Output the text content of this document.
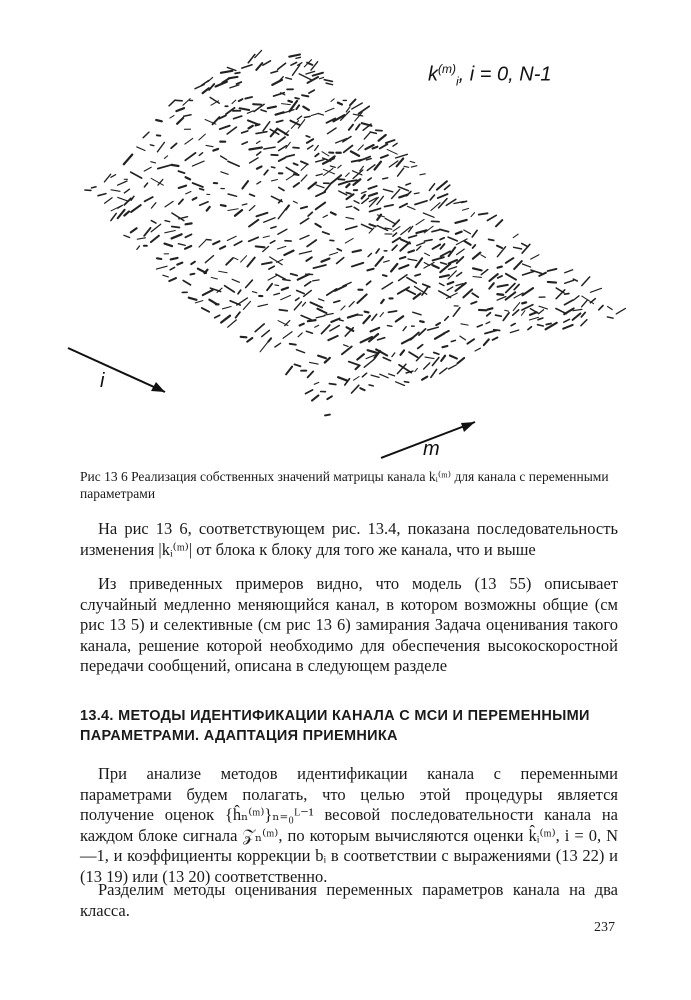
$k^{(m)}_i$, i = 0, N-1
i
m
Рис 13 6 Реализация собственных значений матрицы канала kᵢ⁽ᵐ⁾ для канала с переменными параметрами

На рис 13 6, соответствующем рис. 13.4, показана последовательность изменения |kᵢ⁽ᵐ⁾| от блока к блоку для того же канала, что и выше

Из приведенных примеров видно, что модель (13 55) описывает случайный медленно меняющийся канал, в котором возможны общие (см рис 13 5) и селективные (см рис 13 6) замирания Задача оценивания такого канала, решение которой необходимо для обеспечения высокоскоростной передачи сообщений, описана в следующем разделе

13.4. МЕТОДЫ ИДЕНТИФИКАЦИИ КАНАЛА С МСИ И ПЕРЕМЕННЫМИ ПАРАМЕТРАМИ. АДАПТАЦИЯ ПРИЕМНИКА

При анализе методов идентификации канала с переменными параметрами будем полагать, что целью этой процедуры является получение оценок {ĥₙ⁽ᵐ⁾}ₙ₌₀ᴸ⁻¹ весовой последовательности канала на каждом блоке сигнала 𝒵ₙ⁽ᵐ⁾, по которым вычисляются оценки k̂ᵢ⁽ᵐ⁾, i = 0, N—1, и коэффициенты коррекции bᵢ в соответствии с выражениями (13 22) и (13 19) или (13 20) соответственно.

Разделим методы оценивания переменных параметров канала на два класса.

237
